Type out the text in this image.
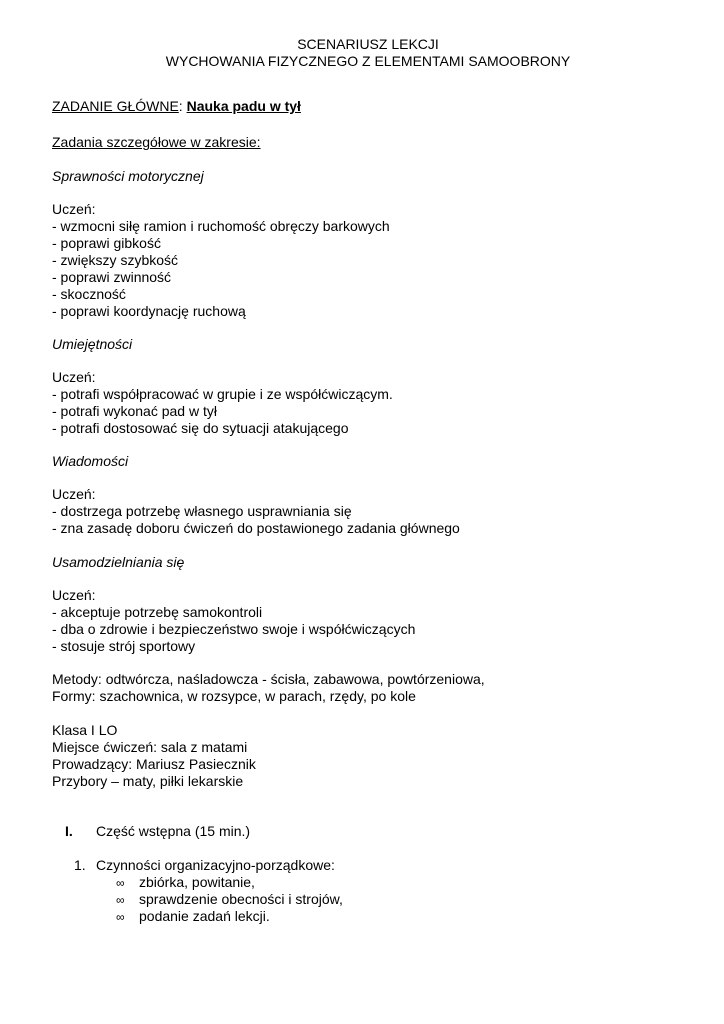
SCENARIUSZ LEKCJI
WYCHOWANIA FIZYCZNEGO Z ELEMENTAMI SAMOOBRONY
ZADANIE GŁÓWNE: Nauka padu w tył
Zadania szczegółowe w zakresie:
Sprawności motorycznej
Uczeń:
- wzmocni siłę ramion i ruchomość obręczy barkowych
- poprawi gibkość
- zwiększy szybkość
- poprawi zwinność
- skoczność
- poprawi koordynację ruchową
Umiejętności
Uczeń:
- potrafi współpracować w grupie i ze współćwiczącym.
- potrafi wykonać pad w tył
- potrafi dostosować się do sytuacji atakującego
Wiadomości
Uczeń:
- dostrzega potrzebę własnego usprawniania się
- zna zasadę doboru ćwiczeń do postawionego zadania głównego
Usamodzielniania się
Uczeń:
- akceptuje potrzebę samokontroli
- dba o zdrowie i bezpieczeństwo swoje i współćwiczących
- stosuje strój sportowy
Metody: odtwórcza, naśladowcza - ścisła, zabawowa, powtórzeniowa,
Formy: szachownica, w rozsypce, w parach, rzędy, po kole
Klasa I LO
Miejsce ćwiczeń: sala z matami
Prowadzący: Mariusz Pasiecznik
Przybory – maty, piłki lekarskie
I. Część wstępna (15 min.)
1. Czynności organizacyjno-porządkowe:
∞ zbiórka, powitanie,
∞ sprawdzenie obecności i strojów,
∞ podanie zadań lekcji.
